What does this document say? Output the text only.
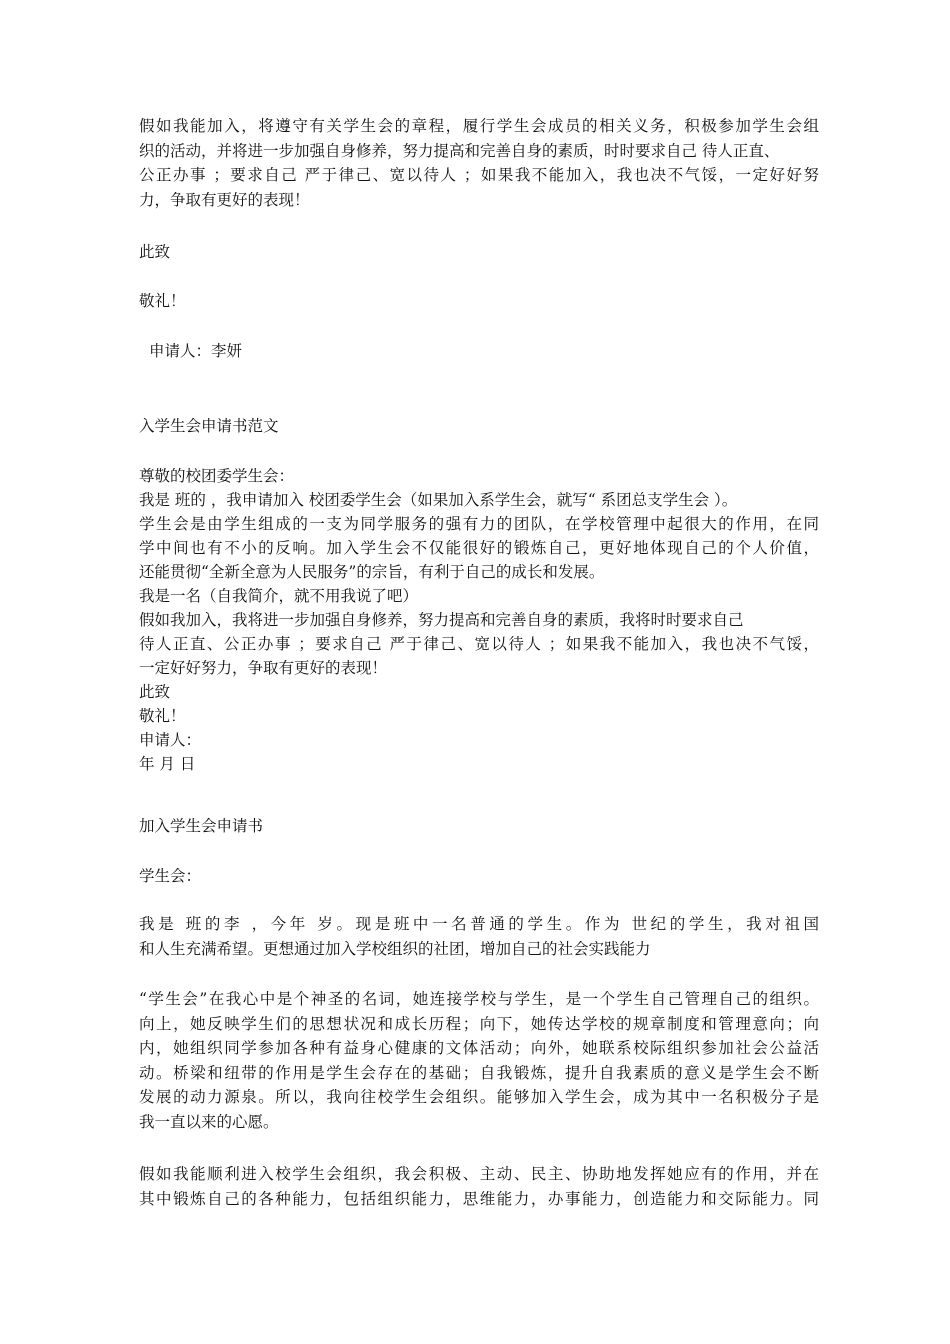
假如我能加入，将遵守有关学生会的章程，履行学生会成员的相关义务，积极参加学生会组
织的活动，并将进一步加强自身修养，努力提高和完善自身的素质，时时要求自己 待人正直、
公正办事 ；要求自己 严于律己、宽以待人 ；如果我不能加入，我也决不气馁，一定好好努
力，争取有更好的表现！
此致
敬礼！
申请人：李妍
入学生会申请书范文
尊敬的校团委学生会：
我是 班的 ，我申请加入 校团委学生会（如果加入系学生会，就写“ 系团总支学生会 ）。
学生会是由学生组成的一支为同学服务的强有力的团队，在学校管理中起很大的作用，在同
学中间也有不小的反响。加入学生会不仅能很好的锻炼自己，更好地体现自己的个人价值，
还能贯彻“全新全意为人民服务”的宗旨，有利于自己的成长和发展。
我是一名（自我简介，就不用我说了吧）
假如我加入，我将进一步加强自身修养，努力提高和完善自身的素质，我将时时要求自己
待人正直、公正办事 ；要求自己 严于律己、宽以待人 ；如果我不能加入，我也决不气馁，
一定好好努力，争取有更好的表现！
此致
敬礼！
申请人：
年 月 日
加入学生会申请书
学生会：
我是 班的李 ，今年 岁。现是班中一名普通的学生。作为 世纪的学生，我对祖国
和人生充满希望。更想通过加入学校组织的社团，增加自己的社会实践能力
“学生会”在我心中是个神圣的名词，她连接学校与学生，是一个学生自己管理自己的组织。
向上，她反映学生们的思想状况和成长历程；向下，她传达学校的规章制度和管理意向；向
内，她组织同学参加各种有益身心健康的文体活动；向外，她联系校际组织参加社会公益活
动。桥梁和纽带的作用是学生会存在的基础；自我锻炼，提升自我素质的意义是学生会不断
发展的动力源泉。所以，我向往校学生会组织。能够加入学生会，成为其中一名积极分子是
我一直以来的心愿。
假如我能顺利进入校学生会组织，我会积极、主动、民主、协助地发挥她应有的作用，并在
其中锻炼自己的各种能力，包括组织能力，思维能力，办事能力，创造能力和交际能力。同
